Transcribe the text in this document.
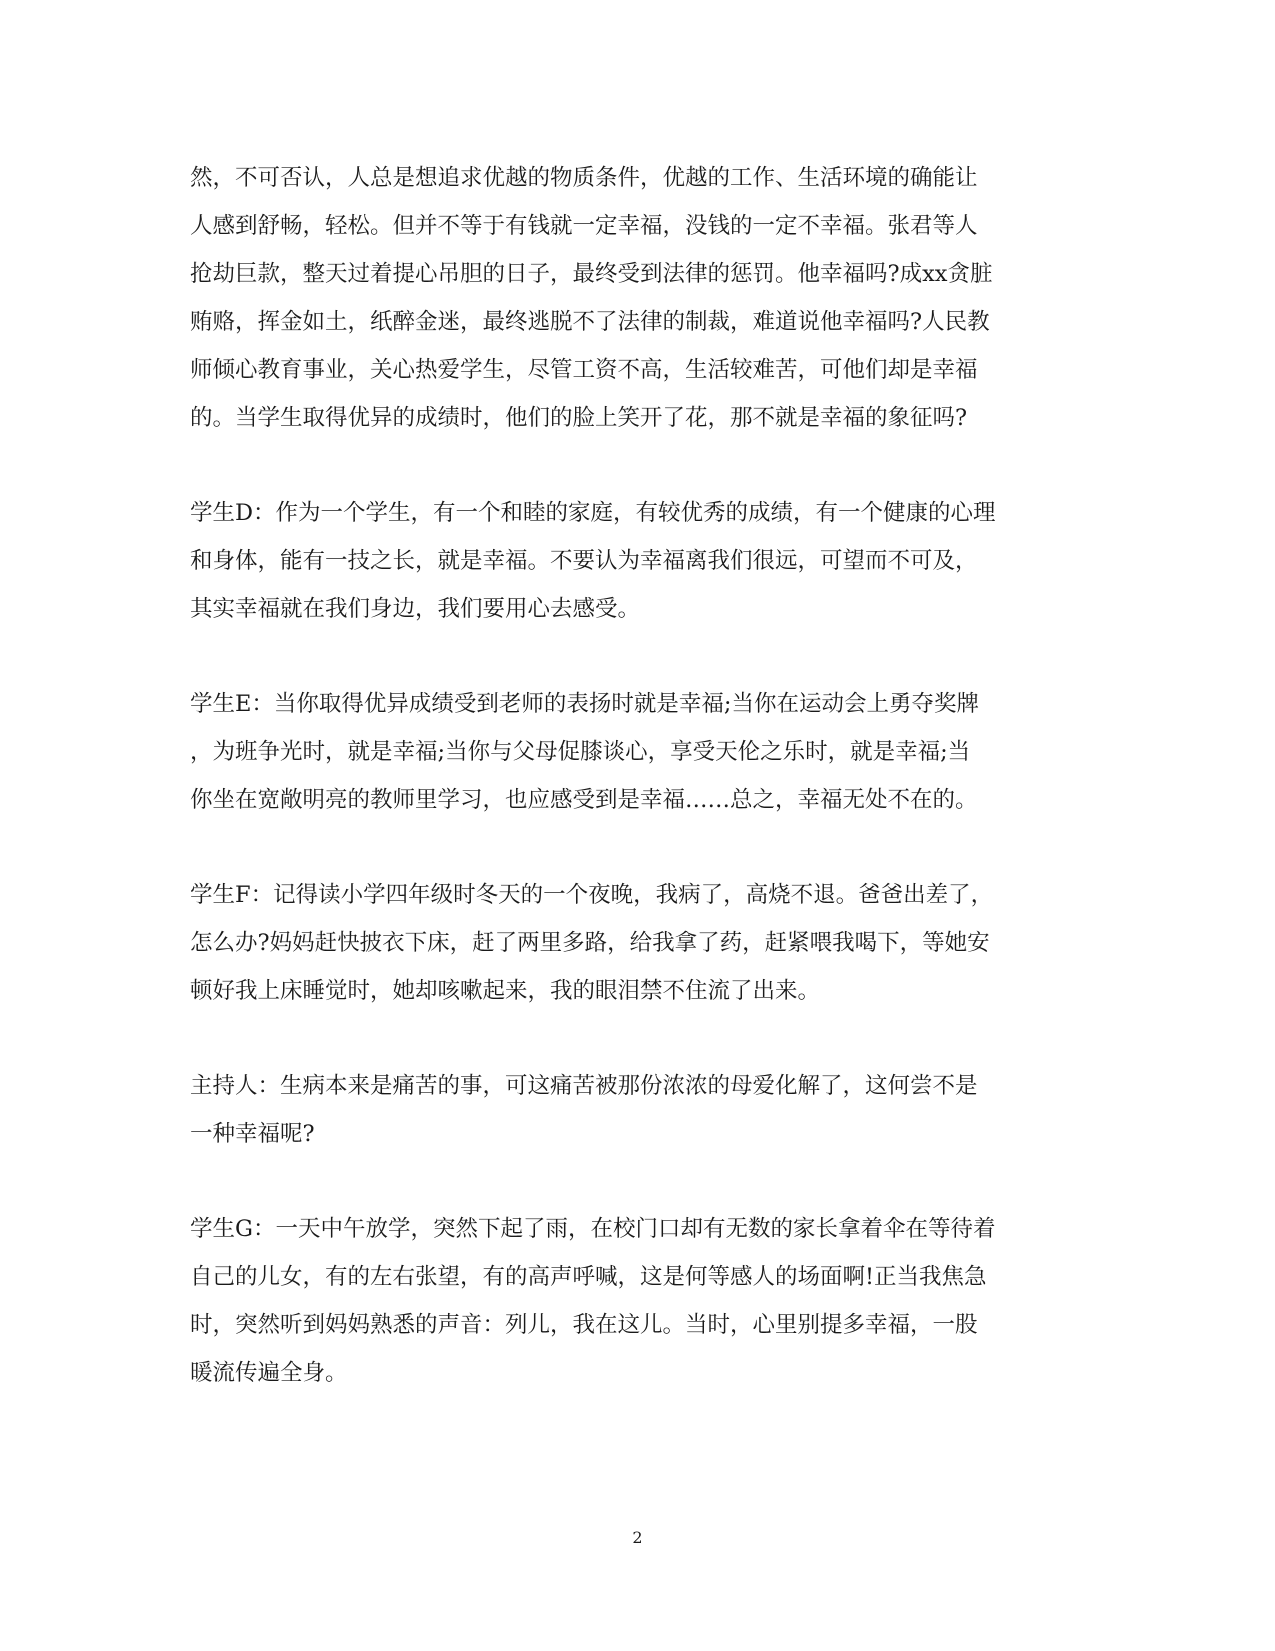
然，不可否认，人总是想追求优越的物质条件，优越的工作、生活环境的确能让
人感到舒畅，轻松。但并不等于有钱就一定幸福，没钱的一定不幸福。张君等人
抢劫巨款，整天过着提心吊胆的日子，最终受到法律的惩罚。他幸福吗?成xx贪脏
贿赂，挥金如土，纸醉金迷，最终逃脱不了法律的制裁，难道说他幸福吗?人民教
师倾心教育事业，关心热爱学生，尽管工资不高，生活较难苦，可他们却是幸福
的。当学生取得优异的成绩时，他们的脸上笑开了花，那不就是幸福的象征吗?

学生D：作为一个学生，有一个和睦的家庭，有较优秀的成绩，有一个健康的心理
和身体，能有一技之长，就是幸福。不要认为幸福离我们很远，可望而不可及，
其实幸福就在我们身边，我们要用心去感受。

学生E：当你取得优异成绩受到老师的表扬时就是幸福;当你在运动会上勇夺奖牌
，为班争光时，就是幸福;当你与父母促膝谈心，享受天伦之乐时，就是幸福;当
你坐在宽敞明亮的教师里学习，也应感受到是幸福……总之，幸福无处不在的。

学生F：记得读小学四年级时冬天的一个夜晚，我病了，高烧不退。爸爸出差了，
怎么办?妈妈赶快披衣下床，赶了两里多路，给我拿了药，赶紧喂我喝下，等她安
顿好我上床睡觉时，她却咳嗽起来，我的眼泪禁不住流了出来。

主持人：生病本来是痛苦的事，可这痛苦被那份浓浓的母爱化解了，这何尝不是
一种幸福呢?

学生G：一天中午放学，突然下起了雨，在校门口却有无数的家长拿着伞在等待着
自己的儿女，有的左右张望，有的高声呼喊，这是何等感人的场面啊!正当我焦急
时，突然听到妈妈熟悉的声音：列儿，我在这儿。当时，心里别提多幸福，一股
暖流传遍全身。

2
